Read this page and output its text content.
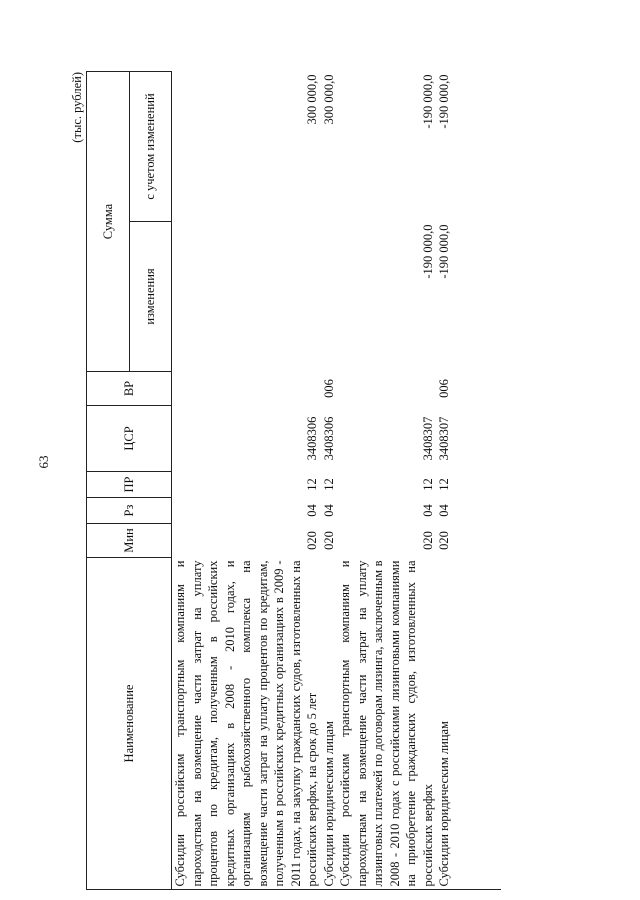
63
(тыс. рублей)
Наименование	Мин	Рз	ПР	ЦСР	ВР	Сумма	
						изменения	с учетом изменений
Субсидии российским транспортным компаниям и пароходствам на возмещение части затрат на уплату процентов по кредитам, полученным в российских кредитных организациях в 2008 - 2010 годах, и организациям рыбохозяйственного комплекса на возмещение части затрат на уплату процентов по кредитам, полученным в российских кредитных организациях в 2009 - 2011 годах, на закупку гражданских судов, изготовленных на российских верфях, на срок до 5 лет	020	04	12	3408306			300 000,0
Субсидии юридическим лицам	020	04	12	3408306	006		300 000,0
Субсидии российским транспортным компаниям и пароходствам на возмещение части затрат на уплату лизинговых платежей по договорам лизинга, заключенным в 2008 - 2010 годах с российскими лизинговыми компаниями на приобретение гражданских судов, изготовленных на российских верфях	020	04	12	3408307		-190 000,0	-190 000,0
Субсидии юридическим лицам	020	04	12	3408307	006	-190 000,0	-190 000,0
